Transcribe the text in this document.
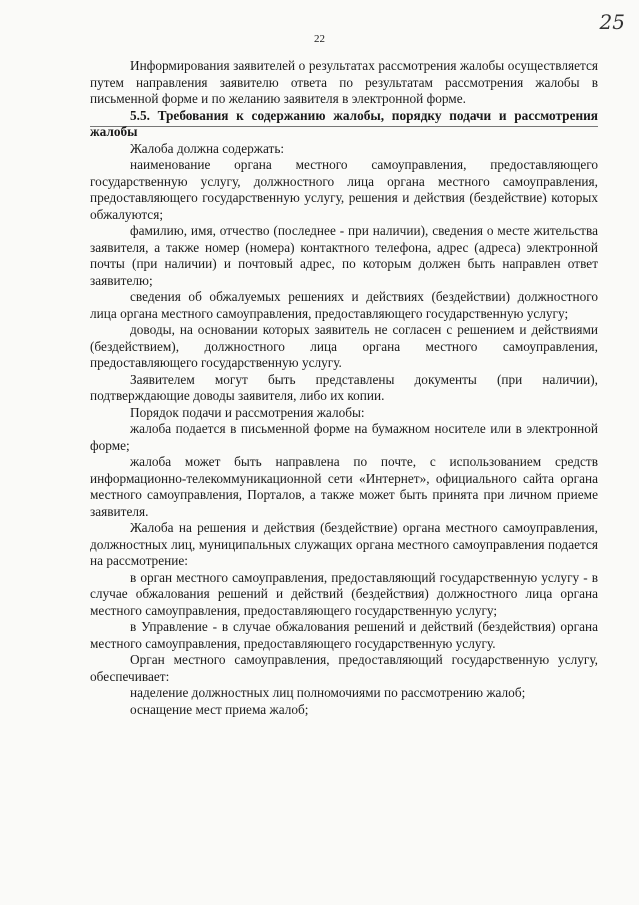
25
22

Информирования заявителей о результатах рассмотрения жалобы осуществляется путем направления заявителю ответа по результатам рассмотрения жалобы в письменной форме и по желанию заявителя в электронной форме.

5.5. Требования к содержанию жалобы, порядку подачи и рассмотрения жалобы

Жалоба должна содержать:

наименование органа местного самоуправления, предоставляющего государственную услугу, должностного лица органа местного самоуправления, предоставляющего государственную услугу, решения и действия (бездействие) которых обжалуются;

фамилию, имя, отчество (последнее - при наличии), сведения о месте жительства заявителя, а также номер (номера) контактного телефона, адрес (адреса) электронной почты (при наличии) и почтовый адрес, по которым должен быть направлен ответ заявителю;

сведения об обжалуемых решениях и действиях (бездействии) должностного лица органа местного самоуправления, предоставляющего государственную услугу;

доводы, на основании которых заявитель не согласен с решением и действиями (бездействием), должностного лица органа местного самоуправления, предоставляющего государственную услугу.

Заявителем могут быть представлены документы (при наличии), подтверждающие доводы заявителя, либо их копии.

Порядок подачи и рассмотрения жалобы:

жалоба подается в письменной форме на бумажном носителе или в электронной форме;

жалоба может быть направлена по почте, с использованием средств информационно-телекоммуникационной сети «Интернет», официального сайта органа местного самоуправления, Порталов, а также может быть принята при личном приеме заявителя.

Жалоба на решения и действия (бездействие) органа местного самоуправления, должностных лиц, муниципальных служащих органа местного самоуправления подается на рассмотрение:

в орган местного самоуправления, предоставляющий государственную услугу - в случае обжалования решений и действий (бездействия) должностного лица органа местного самоуправления, предоставляющего государственную услугу;

в Управление - в случае обжалования решений и действий (бездействия) органа местного самоуправления, предоставляющего государственную услугу.

Орган местного самоуправления, предоставляющий государственную услугу, обеспечивает:

наделение должностных лиц полномочиями по рассмотрению жалоб;

оснащение мест приема жалоб;
